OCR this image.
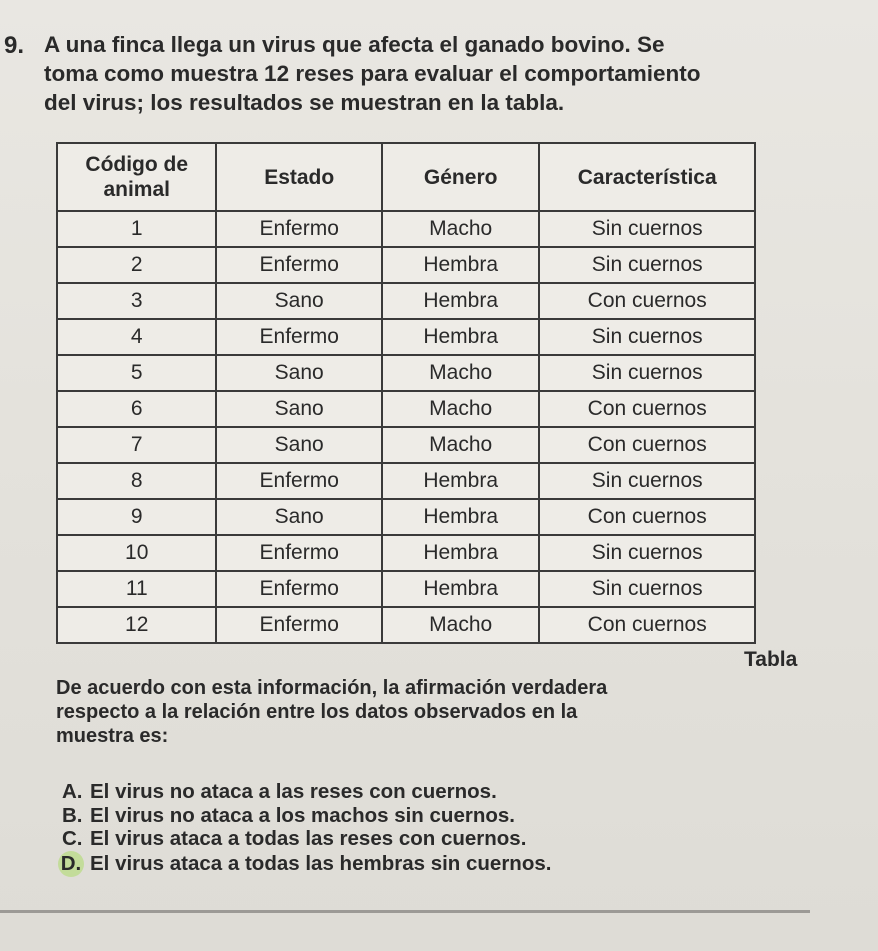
9. A una finca llega un virus que afecta el ganado bovino. Se
toma como muestra 12 reses para evaluar el comportamiento
del virus; los resultados se muestran en la tabla.
Código de animal	Estado	Género	Característica
1	Enfermo	Macho	Sin cuernos
2	Enfermo	Hembra	Sin cuernos
3	Sano	Hembra	Con cuernos
4	Enfermo	Hembra	Sin cuernos
5	Sano	Macho	Sin cuernos
6	Sano	Macho	Con cuernos
7	Sano	Macho	Con cuernos
8	Enfermo	Hembra	Sin cuernos
9	Sano	Hembra	Con cuernos
10	Enfermo	Hembra	Sin cuernos
11	Enfermo	Hembra	Sin cuernos
12	Enfermo	Macho	Con cuernos
Tabla
De acuerdo con esta información, la afirmación verdadera
respecto a la relación entre los datos observados en la
muestra es:
A. El virus no ataca a las reses con cuernos.
B. El virus no ataca a los machos sin cuernos.
C. El virus ataca a todas las reses con cuernos.
D. El virus ataca a todas las hembras sin cuernos.
